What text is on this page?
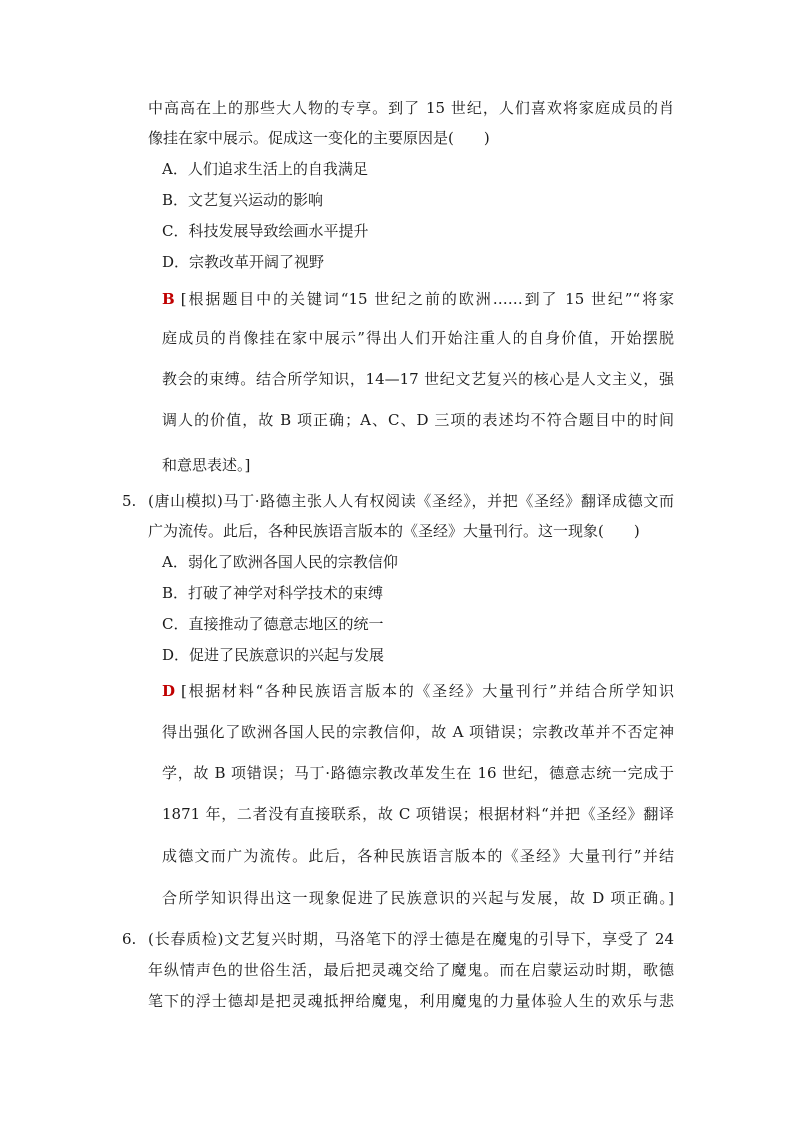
中高高在上的那些大人物的专享。到了 15 世纪，人们喜欢将家庭成员的肖
像挂在家中展示。促成这一变化的主要原因是(　　)
A．人们追求生活上的自我满足
B．文艺复兴运动的影响
C．科技发展导致绘画水平提升
D．宗教改革开阔了视野
B [根据题目中的关键词“15 世纪之前的欧洲……到了 15 世纪”“将家
庭成员的肖像挂在家中展示”得出人们开始注重人的自身价值，开始摆脱
教会的束缚。结合所学知识，14—17 世纪文艺复兴的核心是人文主义，强
调人的价值，故 B 项正确；A、C、D 三项的表述均不符合题目中的时间
和意思表述。]
5. (唐山模拟)马丁·路德主张人人有权阅读《圣经》，并把《圣经》翻译成德文而
广为流传。此后，各种民族语言版本的《圣经》大量刊行。这一现象(　　)
A．弱化了欧洲各国人民的宗教信仰
B．打破了神学对科学技术的束缚
C．直接推动了德意志地区的统一
D．促进了民族意识的兴起与发展
D [根据材料“各种民族语言版本的《圣经》大量刊行”并结合所学知识
得出强化了欧洲各国人民的宗教信仰，故 A 项错误；宗教改革并不否定神
学，故 B 项错误；马丁·路德宗教改革发生在 16 世纪，德意志统一完成于
1871 年，二者没有直接联系，故 C 项错误；根据材料“并把《圣经》翻译
成德文而广为流传。此后，各种民族语言版本的《圣经》大量刊行”并结
合所学知识得出这一现象促进了民族意识的兴起与发展，故 D 项正确。]
6. (长春质检)文艺复兴时期，马洛笔下的浮士德是在魔鬼的引导下，享受了 24
年纵情声色的世俗生活，最后把灵魂交给了魔鬼。而在启蒙运动时期，歌德
笔下的浮士德却是把灵魂抵押给魔鬼，利用魔鬼的力量体验人生的欢乐与悲
